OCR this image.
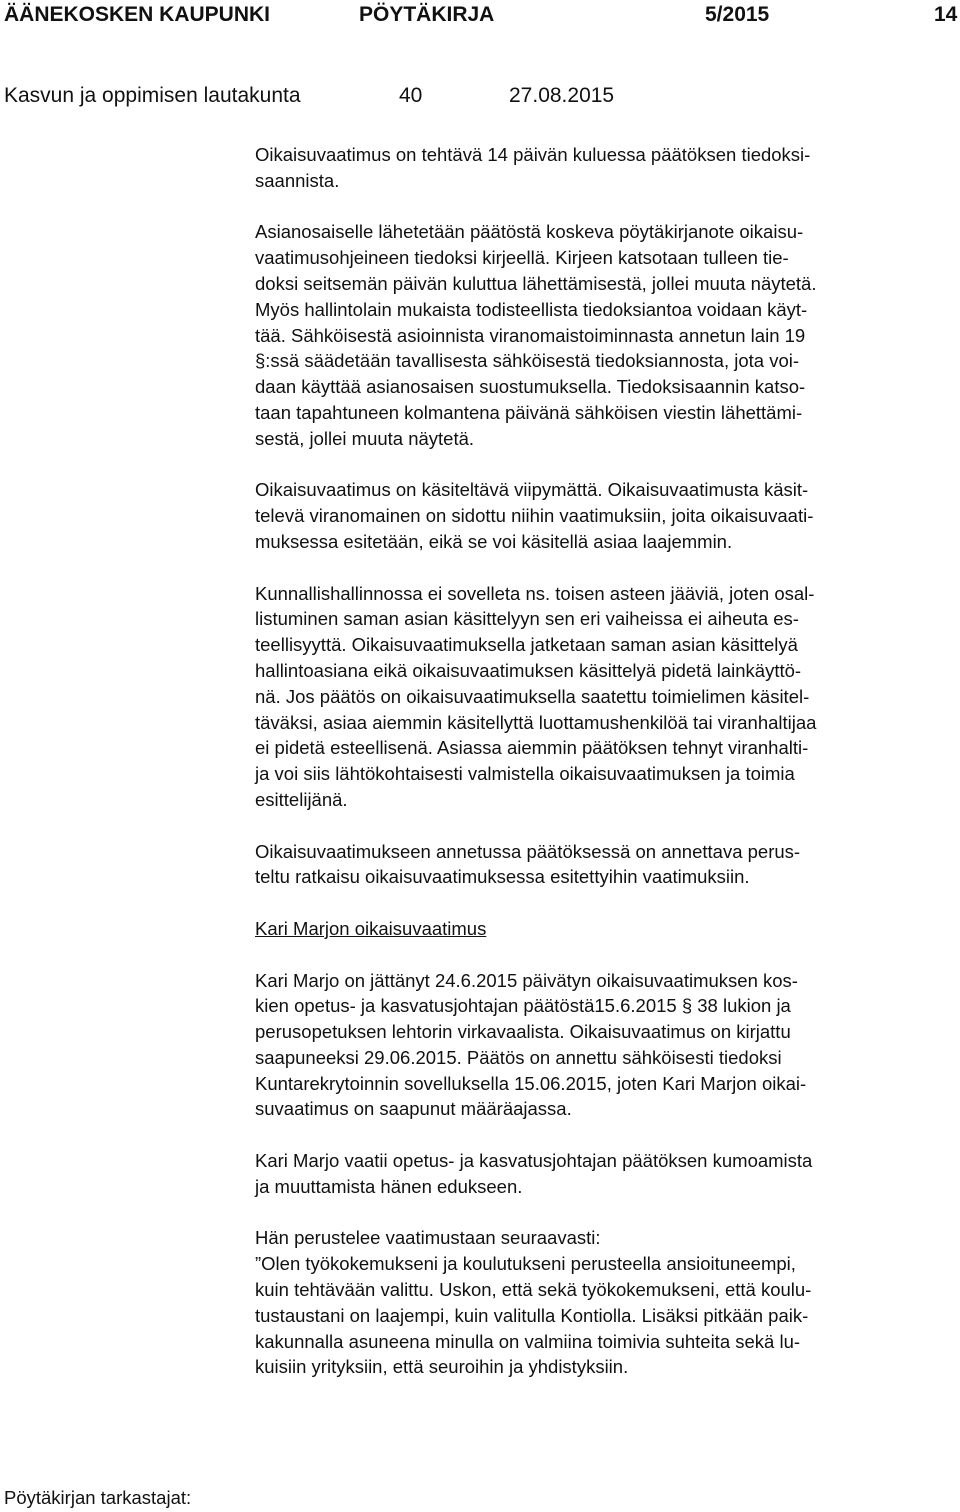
ÄÄNEKOSKEN KAUPUNKI	PÖYTÄKIRJA	5/2015	14
Kasvun ja oppimisen lautakunta	40	27.08.2015
Oikaisuvaatimus on tehtävä 14 päivän kuluessa päätöksen tiedoksi-
saannista.
Asianosaiselle lähetetään päätöstä koskeva pöytäkirjanote oikaisu-
vaatimusohjeineen tiedoksi kirjeellä. Kirjeen katsotaan tulleen tie-
doksi seitsemän päivän kuluttua lähettämisestä, jollei muuta näytetä.
Myös hallintolain mukaista todisteellista tiedoksiantoa voidaan käyt-
tää. Sähköisestä asioinnista viranomaistoiminnasta annetun lain 19
§:ssä säädetään tavallisesta sähköisestä tiedoksiannosta, jota voi-
daan käyttää asianosaisen suostumuksella. Tiedoksisaannin katso-
taan tapahtuneen kolmantena päivänä sähköisen viestin lähettämi-
sestä, jollei muuta näytetä.
Oikaisuvaatimus on käsiteltävä viipymättä. Oikaisuvaatimusta käsit-
televä viranomainen on sidottu niihin vaatimuksiin, joita oikaisuvaati-
muksessa esitetään, eikä se voi käsitellä asiaa laajemmin.
Kunnallishallinnossa ei sovelleta ns. toisen asteen jääviä, joten osal-
listuminen saman asian käsittelyyn sen eri vaiheissa ei aiheuta es-
teellisyyttä. Oikaisuvaatimuksella jatketaan saman asian käsittelyä
hallintoasiana eikä oikaisuvaatimuksen käsittelyä pidetä lainkäyttö-
nä. Jos päätös on oikaisuvaatimuksella saatettu toimielimen käsitel-
täväksi, asiaa aiemmin käsitellyttä luottamushenkilöä tai viranhaltijaa
ei pidetä esteellisenä. Asiassa aiemmin päätöksen tehnyt viranhalti-
ja voi siis lähtökohtaisesti valmistella oikaisuvaatimuksen ja toimia
esittelijänä.
Oikaisuvaatimukseen annetussa päätöksessä on annettava perus-
teltu ratkaisu oikaisuvaatimuksessa esitettyihin vaatimuksiin.
Kari Marjon oikaisuvaatimus
Kari Marjo on jättänyt 24.6.2015 päivätyn oikaisuvaatimuksen kos-
kien opetus- ja kasvatusjohtajan päätöstä15.6.2015 § 38 lukion ja
perusopetuksen lehtorin virkavaalista. Oikaisuvaatimus on kirjattu
saapuneeksi 29.06.2015. Päätös on annettu sähköisesti tiedoksi
Kuntarekrytoinnin sovelluksella 15.06.2015, joten Kari Marjon oikai-
suvaatimus on saapunut määräajassa.
Kari Marjo vaatii opetus- ja kasvatusjohtajan päätöksen kumoamista
ja muuttamista hänen edukseen.
Hän perustelee vaatimustaan seuraavasti:
”Olen työkokemukseni ja koulutukseni perusteella ansioituneempi,
kuin tehtävään valittu. Uskon, että sekä työkokemukseni, että koulu-
tustaustani on laajempi, kuin valitulla Kontiolla. Lisäksi pitkään paik-
kakunnalla asuneena minulla on valmiina toimivia suhteita sekä lu-
kuisiin yrityksiin, että seuroihin ja yhdistyksiin.
Pöytäkirjan tarkastajat:
